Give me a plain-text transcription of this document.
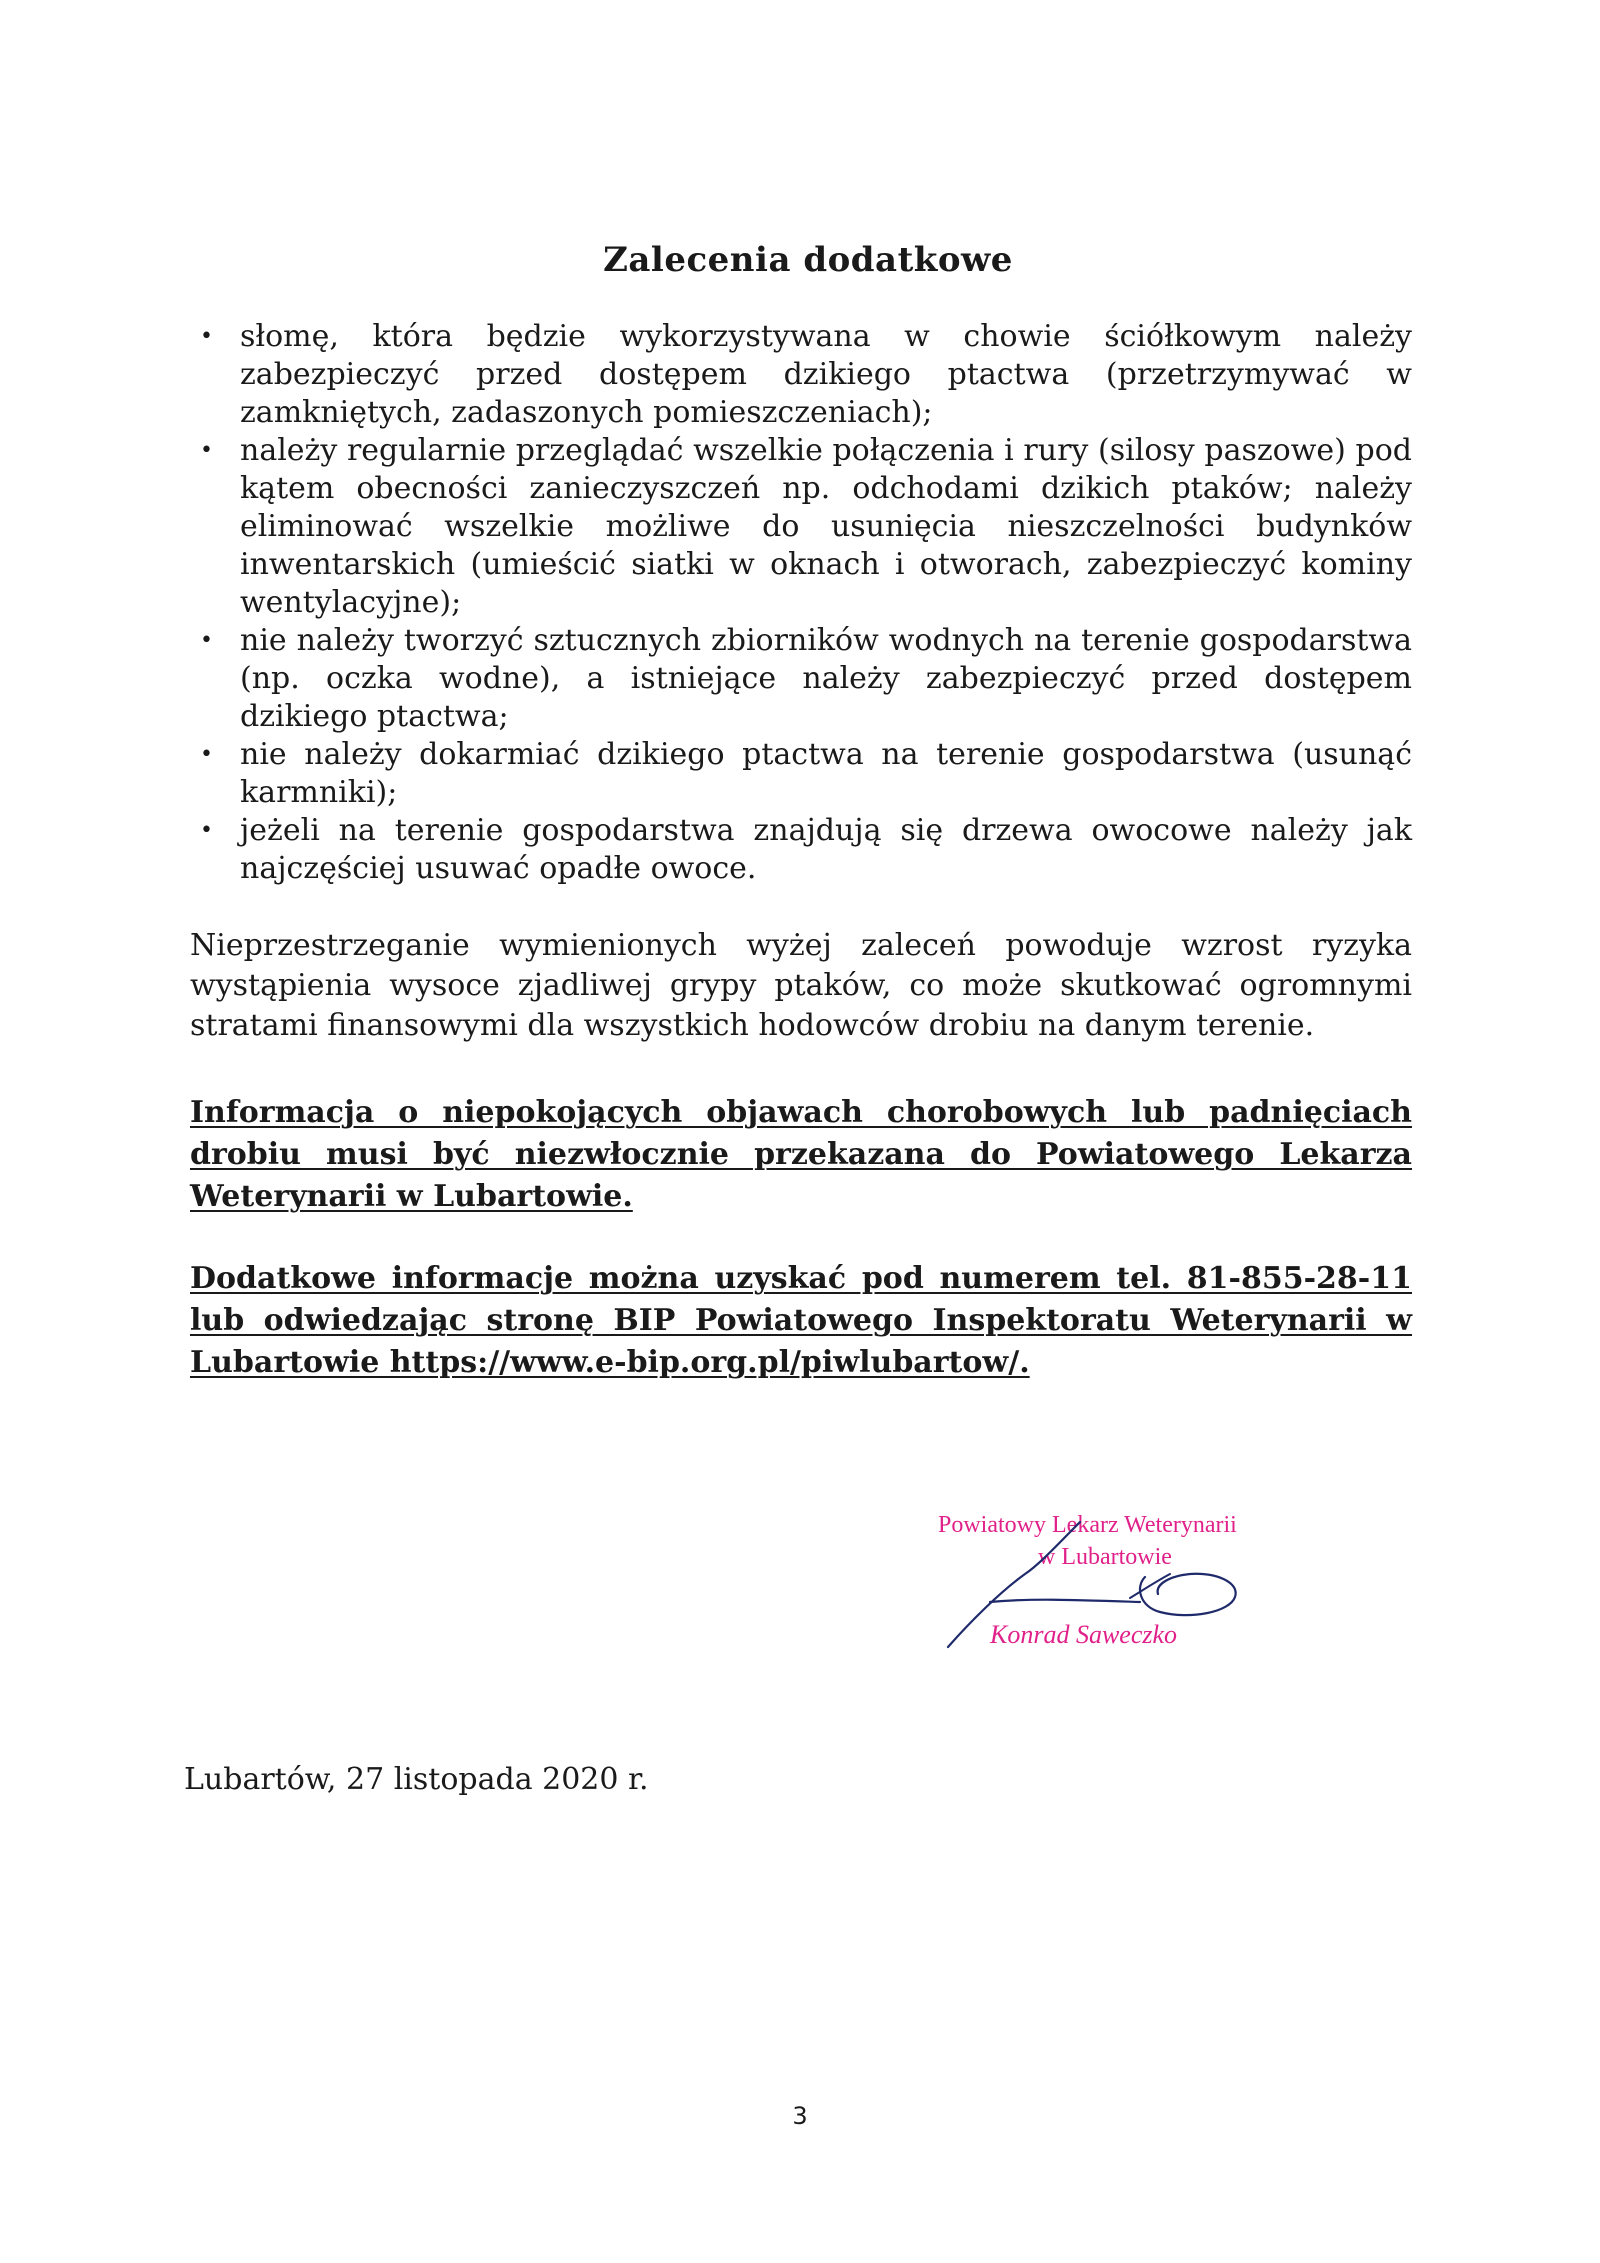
Zalecenia dodatkowe
• słomę, która będzie wykorzystywana w chowie ściółkowym należy zabezpieczyć przed dostępem dzikiego ptactwa (przetrzymywać w zamkniętych, zadaszonych pomieszczeniach);
• należy regularnie przeglądać wszelkie połączenia i rury (silosy paszowe) pod kątem obecności zanieczyszczeń np. odchodami dzikich ptaków; należy eliminować wszelkie możliwe do usunięcia nieszczelności budynków inwentarskich (umieścić siatki w oknach i otworach, zabezpieczyć kominy wentylacyjne);
• nie należy tworzyć sztucznych zbiorników wodnych na terenie gospodarstwa (np. oczka wodne), a istniejące należy zabezpieczyć przed dostępem dzikiego ptactwa;
• nie należy dokarmiać dzikiego ptactwa na terenie gospodarstwa (usunąć karmniki);
• jeżeli na terenie gospodarstwa znajdują się drzewa owocowe należy jak najczęściej usuwać opadłe owoce.

Nieprzestrzeganie wymienionych wyżej zaleceń powoduje wzrost ryzyka wystąpienia wysoce zjadliwej grypy ptaków, co może skutkować ogromnymi stratami finansowymi dla wszystkich hodowców drobiu na danym terenie.

Informacja o niepokojących objawach chorobowych lub padnięciach drobiu musi być niezwłocznie przekazana do Powiatowego Lekarza Weterynarii w Lubartowie.

Dodatkowe informacje można uzyskać pod numerem tel. 81-855-28-11 lub odwiedzając stronę BIP Powiatowego Inspektoratu Weterynarii w Lubartowie https://www.e-bip.org.pl/piwlubartow/.

Powiatowy Lekarz Weterynarii
w Lubartowie
Konrad Saweczko

Lubartów, 27 listopada 2020 r.

3
